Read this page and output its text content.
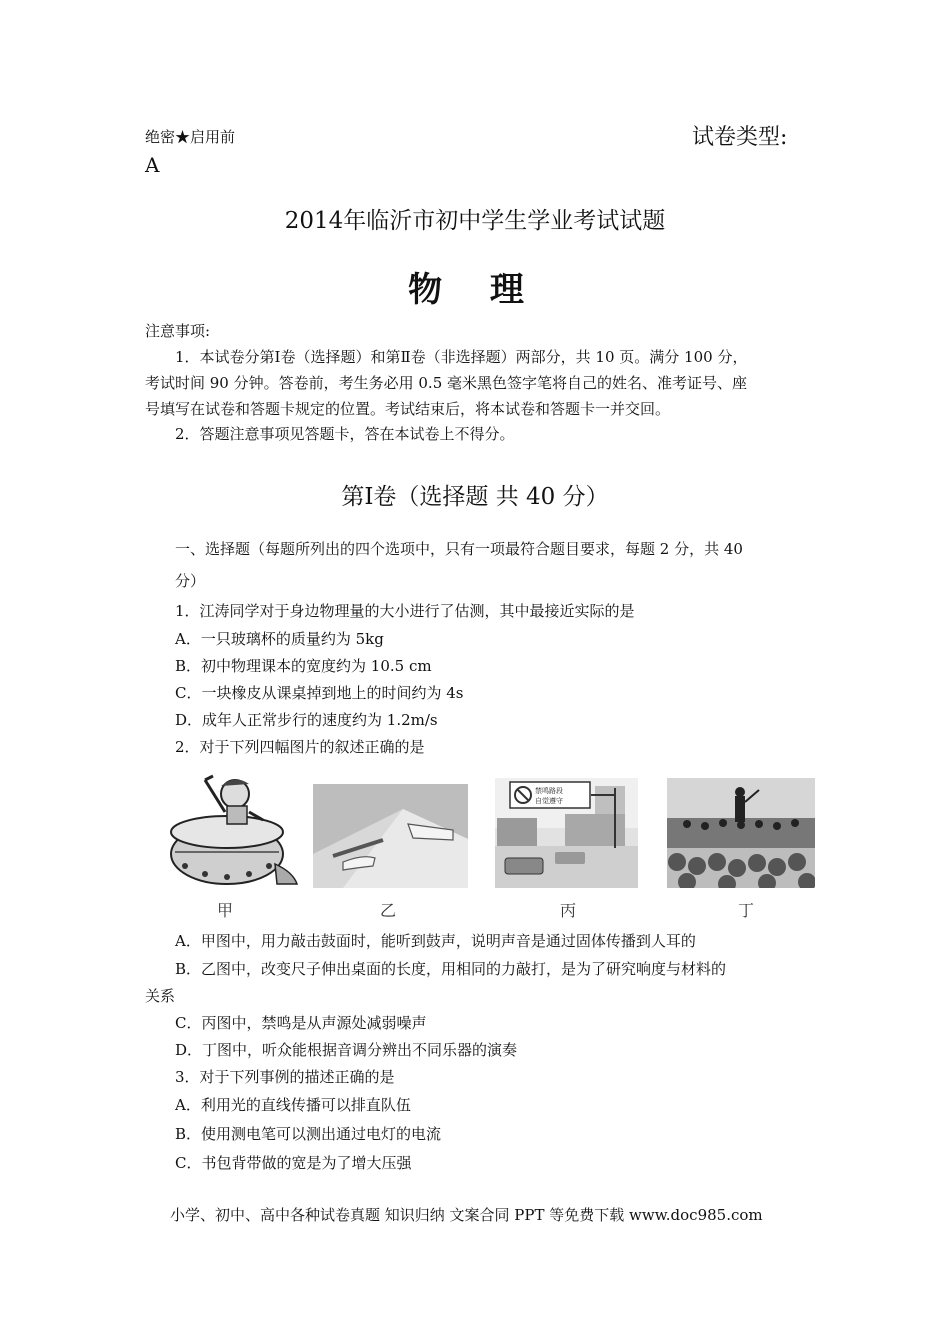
绝密★启用前	试卷类型:
A
2014年临沂市初中学生学业考试试题
物 理
注意事项:
1．本试卷分第Ⅰ卷（选择题）和第Ⅱ卷（非选择题）两部分，共 10 页。满分 100 分，
考试时间 90 分钟。答卷前，考生务必用 0.5 毫米黑色签字笔将自己的姓名、准考证号、座
号填写在试卷和答题卡规定的位置。考试结束后，将本试卷和答题卡一并交回。
2．答题注意事项见答题卡，答在本试卷上不得分。
第Ⅰ卷（选择题 共 40 分）
一、选择题（每题所列出的四个选项中，只有一项最符合题目要求，每题 2 分，共 40
分）
1．江涛同学对于身边物理量的大小进行了估测，其中最接近实际的是
A．一只玻璃杯的质量约为 5kg
B．初中物理课本的宽度约为 10.5 cm
C．一块橡皮从课桌掉到地上的时间约为 4s
D．成年人正常步行的速度约为 1.2m/s
2．对于下列四幅图片的叙述正确的是
甲	乙
禁鸣路段
自觉遵守
丙	丁
A．甲图中，用力敲击鼓面时，能听到鼓声，说明声音是通过固体传播到人耳的
B．乙图中，改变尺子伸出桌面的长度，用相同的力敲打，是为了研究响度与材料的
关系
C．丙图中，禁鸣是从声源处减弱噪声
D．丁图中，听众能根据音调分辨出不同乐器的演奏
3．对于下列事例的描述正确的是
A．利用光的直线传播可以排直队伍
B．使用测电笔可以测出通过电灯的电流
C．书包背带做的宽是为了增大压强
小学、初中、高中各种试卷真题 知识归纳 文案合同 PPT 等免费下载 www.doc985.com
